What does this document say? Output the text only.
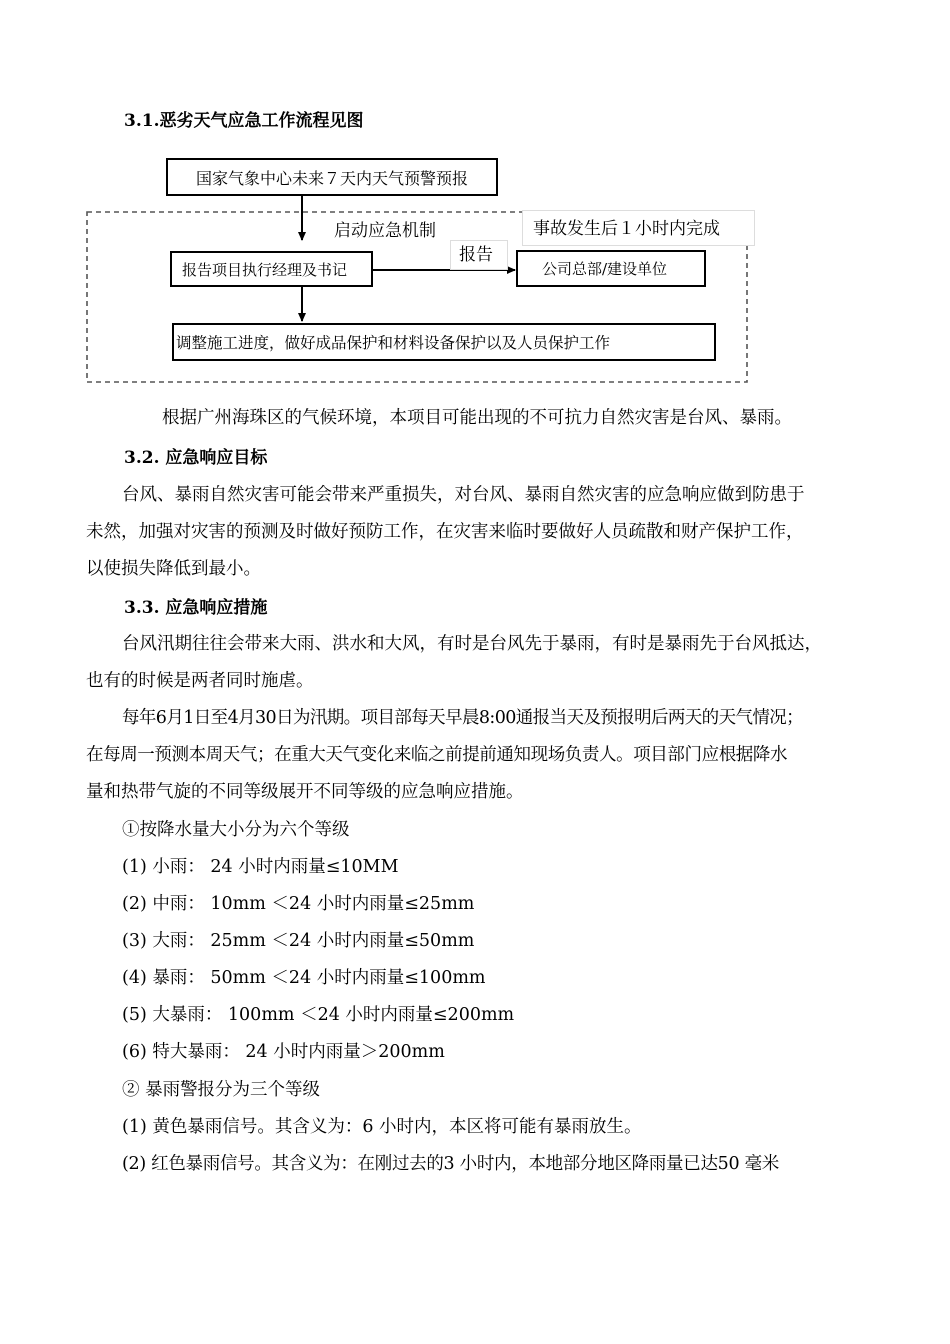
3.1.恶劣天气应急工作流程见图
国家气象中心未来７天内天气预警预报
启动应急机制	事故发生后１小时内完成
报告
报告项目执行经理及书记	公司总部/建设单位
调整施工进度，做好成品保护和材料设备保护以及人员保护工作
根据广州海珠区的气候环境，本项目可能出现的不可抗力自然灾害是台风、暴雨。
3.2. 应急响应目标
台风、暴雨自然灾害可能会带来严重损失，对台风、暴雨自然灾害的应急响应做到防患于
未然，加强对灾害的预测及时做好预防工作，在灾害来临时要做好人员疏散和财产保护工作，
以使损失降低到最小。
3.3. 应急响应措施
台风汛期往往会带来大雨、洪水和大风，有时是台风先于暴雨，有时是暴雨先于台风抵达，
也有的时候是两者同时施虐。
每年6月1日至4月30日为汛期。项目部每天早晨8:00通报当天及预报明后两天的天气情况；
在每周一预测本周天气；在重大天气变化来临之前提前通知现场负责人。项目部门应根据降水
量和热带气旋的不同等级展开不同等级的应急响应措施。
①按降水量大小分为六个等级
(1) 小雨： 24 小时内雨量≤10MM
(2) 中雨： 10mm ＜24 小时内雨量≤25mm
(3) 大雨： 25mm ＜24 小时内雨量≤50mm
(4) 暴雨： 50mm ＜24 小时内雨量≤100mm
(5) 大暴雨： 100mm ＜24 小时内雨量≤200mm
(6) 特大暴雨： 24 小时内雨量＞200mm
② 暴雨警报分为三个等级
(1) 黄色暴雨信号。其含义为：6 小时内，本区将可能有暴雨放生。
(2) 红色暴雨信号。其含义为：在刚过去的3 小时内，本地部分地区降雨量已达50 毫米
